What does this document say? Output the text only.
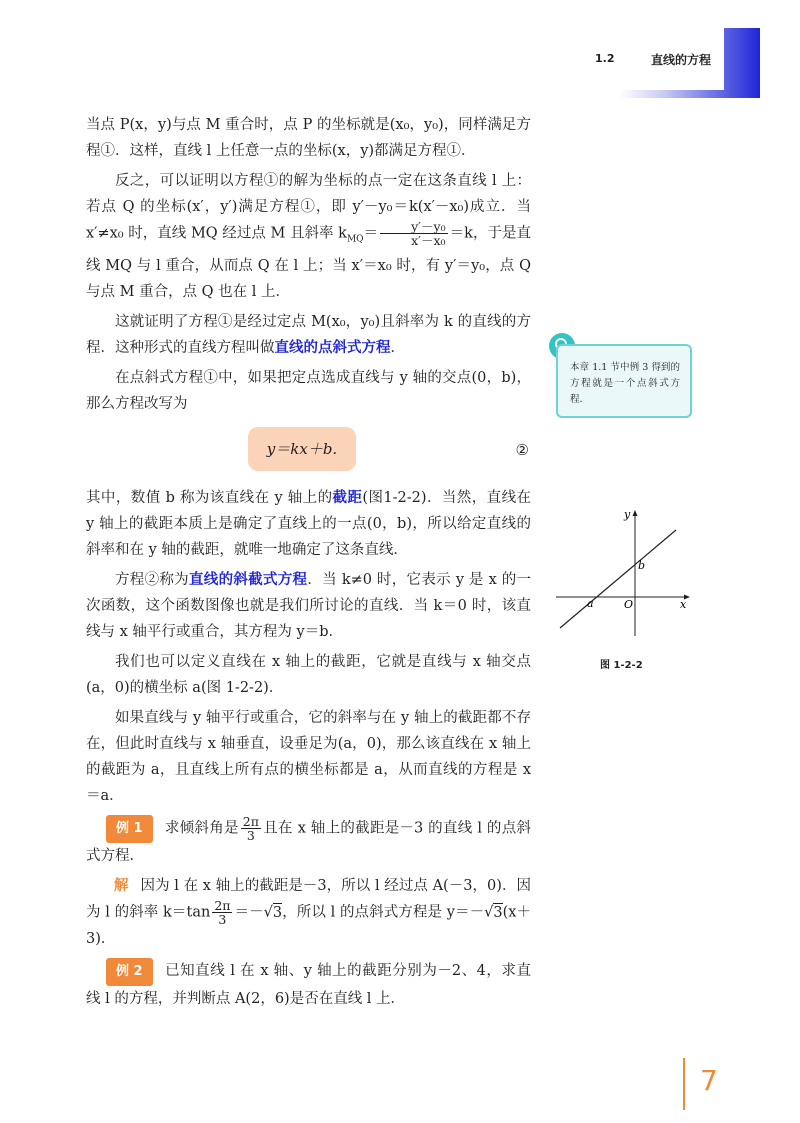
1.2	直线的方程

当点 P(x，y)与点 M 重合时，点 P 的坐标就是(x₀，y₀)，同样满足方程①．这样，直线 l 上任意一点的坐标(x，y)都满足方程①．

反之，可以证明以方程①的解为坐标的点一定在这条直线 l 上：若点 Q 的坐标(x′，y′)满足方程①，即 y′－y₀＝k(x′－x₀)成立．当 x′≠x₀ 时，直线 MQ 经过点 M 且斜率 $k_{MQ}= \frac{\text{y′－y₀}}{\text{x′－x₀}} =k$，于是直线 MQ 与 l 重合，从而点 Q 在 l 上；当 x′＝x₀ 时，有 y′＝y₀，点 Q 与点 M 重合，点 Q 也在 l 上．

这就证明了方程①是经过定点 M(x₀，y₀)且斜率为 k 的直线的方程．这种形式的直线方程叫做直线的点斜式方程．

在点斜式方程①中，如果把定点选成直线与 y 轴的交点(0，b)，那么方程改写为

y＝kx＋b.	②

其中，数值 b 称为该直线在 y 轴上的截距(图1-2-2)．当然，直线在 y 轴上的截距本质上是确定了直线上的一点(0，b)，所以给定直线的斜率和在 y 轴的截距，就唯一地确定了这条直线．

方程②称为直线的斜截式方程．当 k≠0 时，它表示 y 是 x 的一次函数，这个函数图像也就是我们所讨论的直线．当 k＝0 时，该直线与 x 轴平行或重合，其方程为 y＝b．

我们也可以定义直线在 x 轴上的截距，它就是直线与 x 轴交点(a，0)的横坐标 a(图 1-2-2)．

如果直线与 y 轴平行或重合，它的斜率与在 y 轴上的截距都不存在，但此时直线与 x 轴垂直，设垂足为(a，0)，那么该直线在 x 轴上的截距为 a，且直线上所有点的横坐标都是 a，从而直线的方程是 x＝a．

例 1 求倾斜角是 $\frac{2\pi}{3}$ 且在 x 轴上的截距是－3 的直线 l 的点斜式方程．

解 因为 l 在 x 轴上的截距是－3，所以 l 经过点 A(－3，0)．因为 l 的斜率 $k=\tan \frac{2\pi}{3} =-√3$，所以 l 的点斜式方程是 y＝－√3(x＋3)．

例 2 已知直线 l 在 x 轴、y 轴上的截距分别为－2、4，求直线 l 的方程，并判断点 A(2，6)是否在直线 l 上．

本章 1.1 节中例 3 得到的方程就是一个点斜式方程．
y
x
b
a	O
图 1-2-2
7
